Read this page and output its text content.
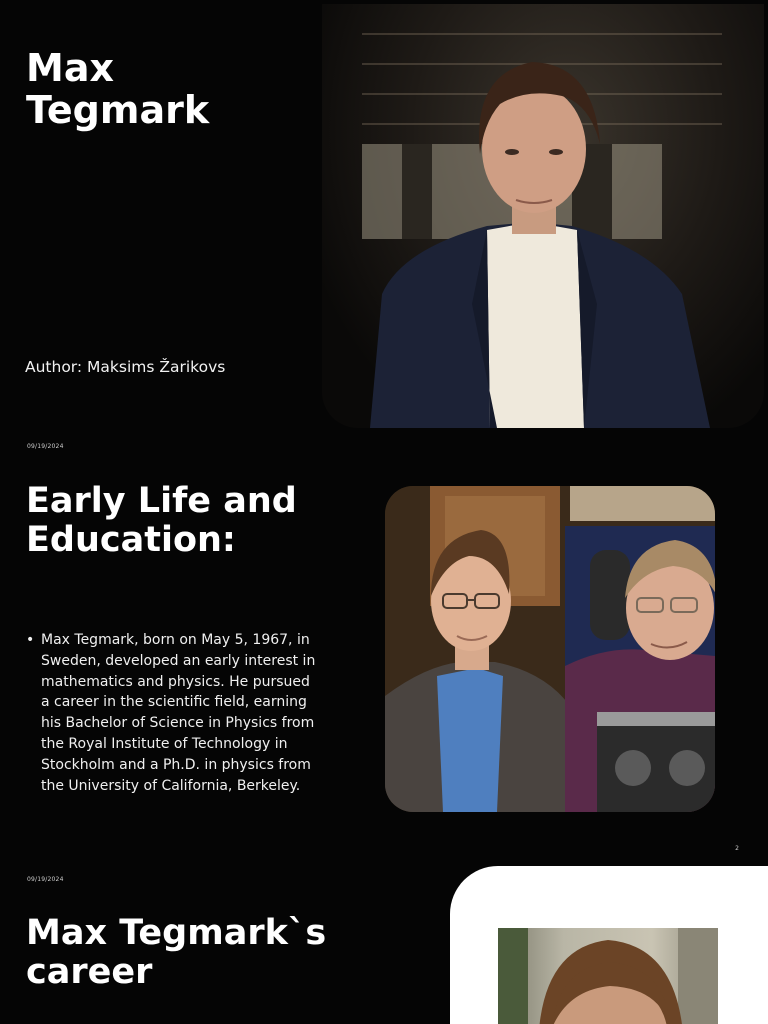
Max Tegmark
Author: Maksims Žarikovs
09/19/2024
Early Life and Education:
• Max Tegmark, born on May 5, 1967, in Sweden, developed an early interest in mathematics and physics. He pursued a career in the scientific field, earning his Bachelor of Science in Physics from the Royal Institute of Technology in Stockholm and a Ph.D. in physics from the University of California, Berkeley.
2
09/19/2024
Max Tegmark`s career
